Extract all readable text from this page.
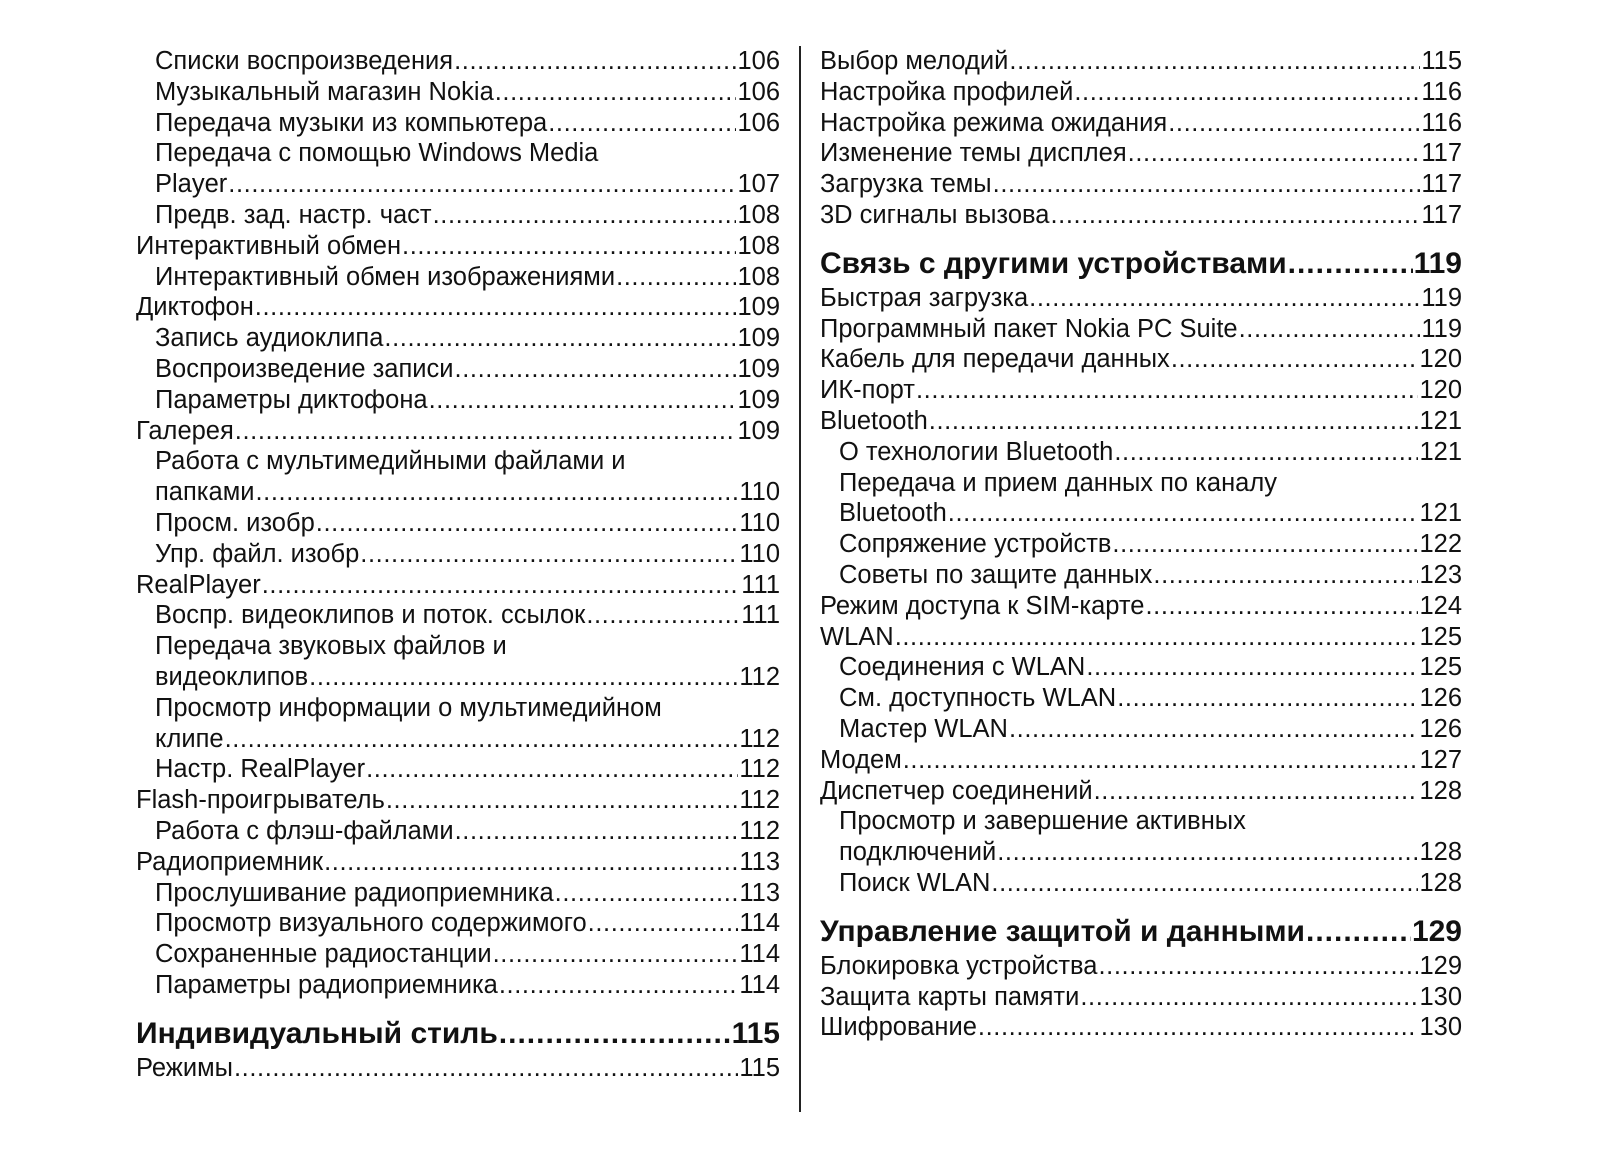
Списки воспроизведения .....	106
Музыкальный магазин Nokia .....	106
Передача музыки из компьютера .....	106
Передача с помощью Windows Media
Player .....	107
Предв. зад. настр. част .....	108
Интерактивный обмен .....	108
Интерактивный обмен изображениями .....	108
Диктофон .....	109
Запись аудиоклипа .....	109
Воспроизведение записи .....	109
Параметры диктофона .....	109
Галерея .....	109
Работа с мультимедийными файлами и
папками .....	110
Просм. изобр .....	110
Упр. файл. изобр .....	110
RealPlayer .....	111
Воспр. видеоклипов и поток. ссылок .....	111
Передача звуковых файлов и
видеоклипов .....	112
Просмотр информации о мультимедийном
клипе .....	112
Настр. RealPlayer .....	112
Flash-проигрыватель .....	112
Работа с флэш-файлами .....	112
Радиоприемник .....	113
Прослушивание радиоприемника .....	113
Просмотр визуального содержимого .....	114
Сохраненные радиостанции .....	114
Параметры радиоприемника .....	114
Индивидуальный стиль .....	115
Режимы .....	115
Выбор мелодий .....	115
Настройка профилей .....	116
Настройка режима ожидания .....	116
Изменение темы дисплея .....	117
Загрузка темы .....	117
3D сигналы вызова .....	117
Связь с другими устройствами .....	119
Быстрая загрузка .....	119
Программный пакет Nokia PC Suite .....	119
Кабель для передачи данных .....	120
ИК-порт .....	120
Bluetooth .....	121
О технологии Bluetooth .....	121
Передача и прием данных по каналу
Bluetooth .....	121
Сопряжение устройств .....	122
Советы по защите данных .....	123
Режим доступа к SIM-карте .....	124
WLAN .....	125
Соединения с WLAN .....	125
См. доступность WLAN .....	126
Мастер WLAN .....	126
Модем .....	127
Диспетчер соединений .....	128
Просмотр и завершение активных
подключений .....	128
Поиск WLAN .....	128
Управление защитой и данными .....	129
Блокировка устройства .....	129
Защита карты памяти .....	130
Шифрование .....	130
